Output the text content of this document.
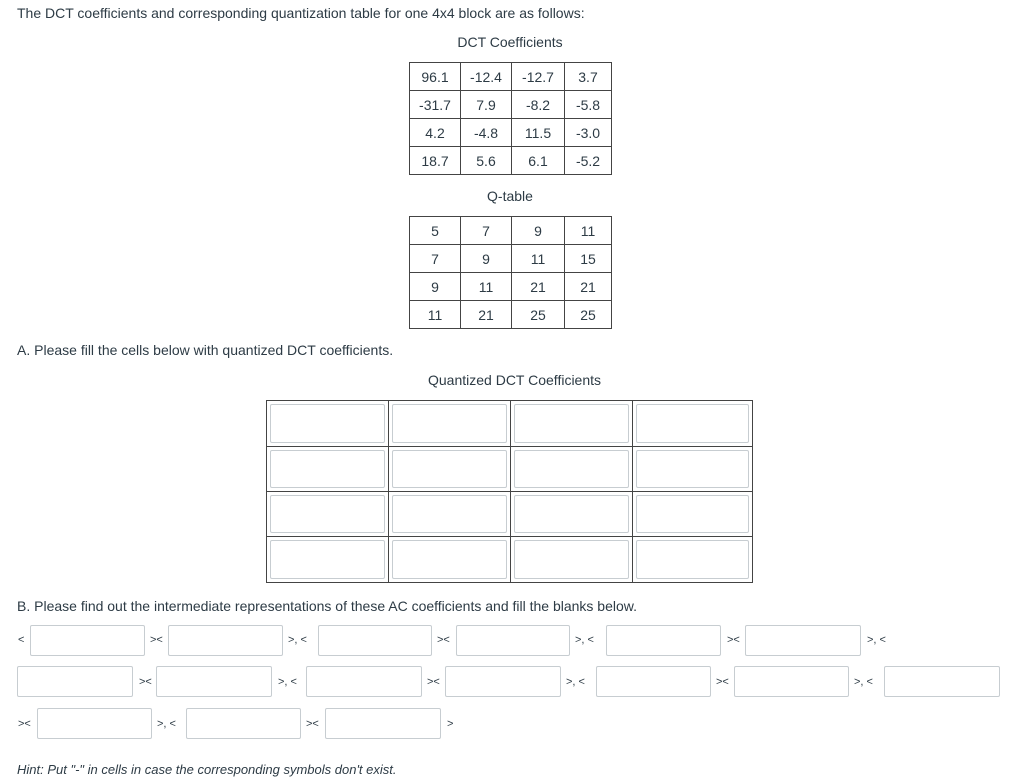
The DCT coefficients and corresponding quantization table for one 4x4 block are as follows:
DCT Coefficients
96.1	-12.4	-12.7	3.7
-31.7	7.9	-8.2	-5.8
4.2	-4.8	11.5	-3.0
18.7	5.6	6.1	-5.2
Q-table
5	7	9	11
7	9	11	15
9	11	21	21
11	21	25	25
A. Please fill the cells below with quantized DCT coefficients.
Quantized DCT Coefficients
B. Please find out the intermediate representations of these AC coefficients and fill the blanks below.
<	><	>, <	><	>, <	><	>, <
><	>, <	><	>, <	><	>, <
><	>, <	><	>
Hint: Put "-" in cells in case the corresponding symbols don't exist.
